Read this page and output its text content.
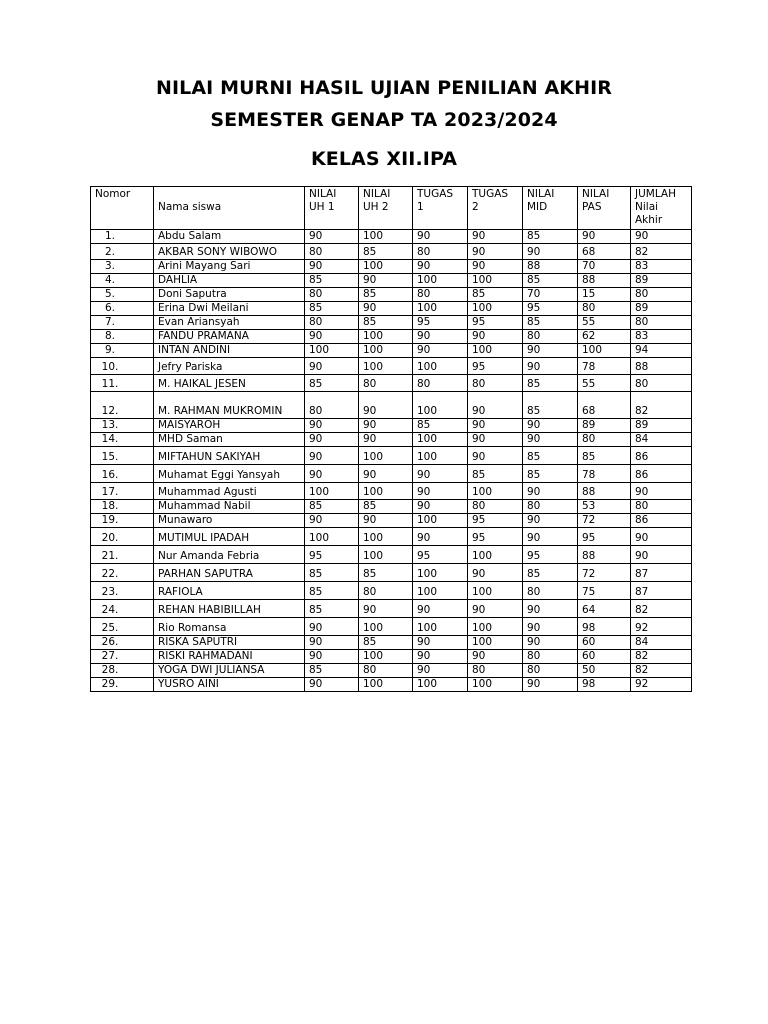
NILAI MURNI HASIL UJIAN PENILIAN AKHIR
SEMESTER GENAP TA 2023/2024
KELAS XII.IPA
Nomor	Nama siswa	NILAI UH 1	NILAI UH 2	TUGAS 1	TUGAS 2	NILAI MID	NILAI PAS	JUMLAH Nilai Akhir
1.	Abdu Salam	90	100	90	90	85	90	90
2.	AKBAR SONY WIBOWO	80	85	80	90	90	68	82
3.	Arini Mayang Sari	90	100	90	90	88	70	83
4.	DAHLIA	85	90	100	100	85	88	89
5.	Doni Saputra	80	85	80	85	70	15	80
6.	Erina Dwi Meilani	85	90	100	100	95	80	89
7.	Evan Ariansyah	80	85	95	95	85	55	80
8.	FANDU PRAMANA	90	100	90	90	80	62	83
9.	INTAN ANDINI	100	100	90	100	90	100	94
10.	Jefry Pariska	90	100	100	95	90	78	88
11.	M. HAIKAL JESEN	85	80	80	80	85	55	80
12.	M. RAHMAN MUKROMIN	80	90	100	90	85	68	82
13.	MAISYAROH	90	90	85	90	90	89	89
14.	MHD Saman	90	90	100	90	90	80	84
15.	MIFTAHUN SAKIYAH	90	100	100	90	85	85	86
16.	Muhamat Eggi Yansyah	90	90	90	85	85	78	86
17.	Muhammad Agusti	100	100	90	100	90	88	90
18.	Muhammad Nabil	85	85	90	80	80	53	80
19.	Munawaro	90	90	100	95	90	72	86
20.	MUTIMUL IPADAH	100	100	90	95	90	95	90
21.	Nur Amanda Febria	95	100	95	100	95	88	90
22.	PARHAN SAPUTRA	85	85	100	90	85	72	87
23.	RAFIOLA	85	80	100	100	80	75	87
24.	REHAN HABIBILLAH	85	90	90	90	90	64	82
25.	Rio Romansa	90	100	100	100	90	98	92
26.	RISKA SAPUTRI	90	85	90	100	90	60	84
27.	RISKI RAHMADANI	90	100	90	90	80	60	82
28.	YOGA DWI JULIANSA	85	80	90	80	80	50	82
29.	YUSRO AINI	90	100	100	100	90	98	92
